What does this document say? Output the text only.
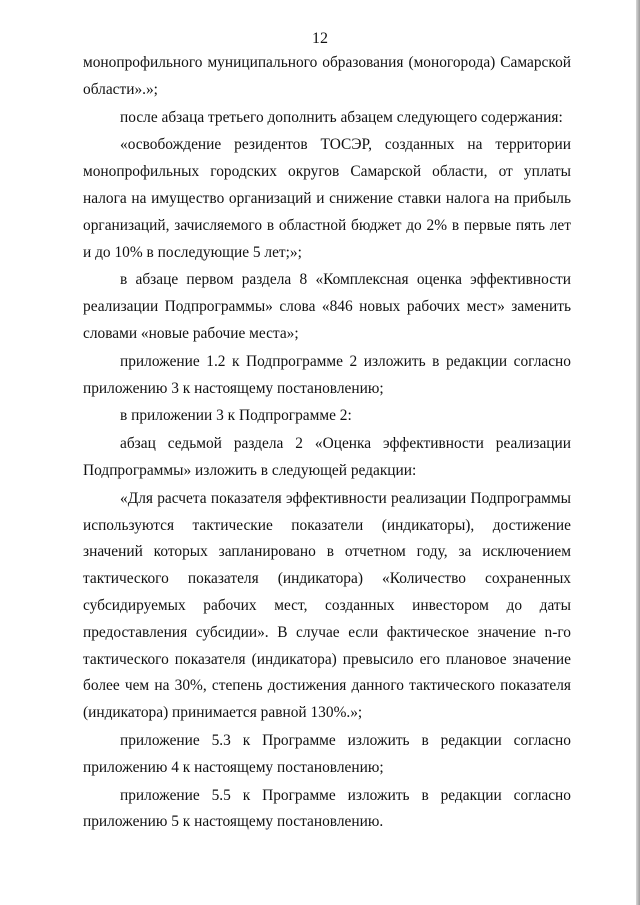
12

монопрофильного муниципального образования (моногорода) Самарской области».»;

после абзаца третьего дополнить абзацем следующего содержания:

«освобождение резидентов ТОСЭР, созданных на территории монопрофильных городских округов Самарской области, от уплаты налога на имущество организаций и снижение ставки налога на прибыль организаций, зачисляемого в областной бюджет до 2% в первые пять лет и до 10% в последующие 5 лет;»;

в абзаце первом раздела 8 «Комплексная оценка эффективности реализации Подпрограммы» слова «846 новых рабочих мест» заменить словами «новые рабочие места»;

приложение 1.2 к Подпрограмме 2 изложить в редакции согласно приложению 3 к настоящему постановлению;

в приложении 3 к Подпрограмме 2:

абзац седьмой раздела 2 «Оценка эффективности реализации Подпрограммы» изложить в следующей редакции:

«Для расчета показателя эффективности реализации Подпрограммы используются тактические показатели (индикаторы), достижение значений которых запланировано в отчетном году, за исключением тактического показателя (индикатора) «Количество сохраненных субсидируемых рабочих мест, созданных инвестором до даты предоставления субсидии». В случае если фактическое значение n-го тактического показателя (индикатора) превысило его плановое значение более чем на 30%, степень достижения данного тактического показателя (индикатора) принимается равной 130%.»;

приложение 5.3 к Программе изложить в редакции согласно приложению 4 к настоящему постановлению;

приложение 5.5 к Программе изложить в редакции согласно приложению 5 к настоящему постановлению.
